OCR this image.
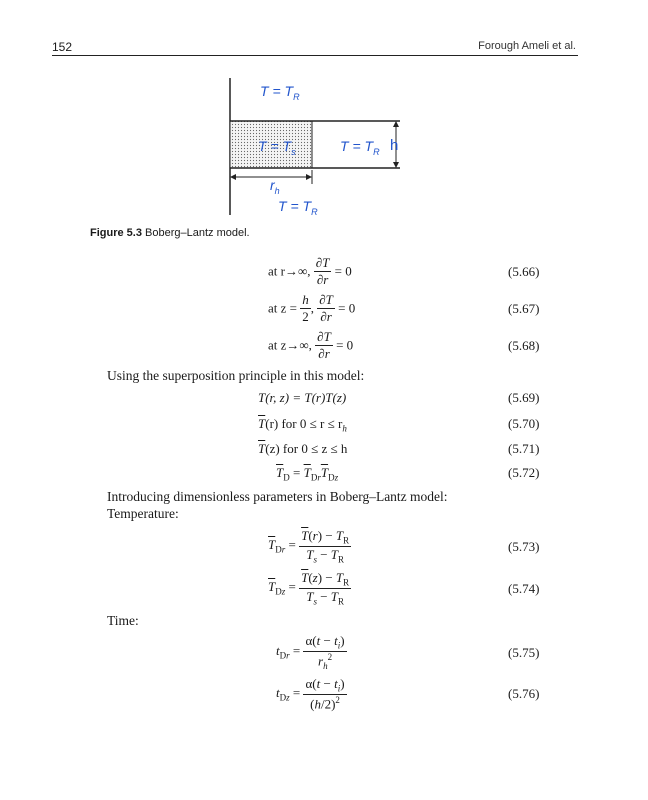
152	Forough Ameli et al.
$T = T_R$
$T = T_s$	$T = T_R$ h
$r_h$
$T = T_R$
Figure 5.3 Boberg–Lantz model.
at r→∞, $\frac{\partial T}{\partial r} = 0$	(5.66)
at $z = \frac{h}{2}$ , $\frac{\partial T}{\partial r} = 0$	(5.67)
at z→∞, $\frac{\partial T}{\partial r} = 0$	(5.68)
Using the superposition principle in this model:
T(r, z) = T(r)T(z)	(5.69)
$\overline{T}(r)$ for $0 \le r \le r_h$	(5.70)
$\overline{T}(z)$ for 0 ≤ z ≤ h	(5.71)
$\overline{T}_D = \overline{T}_{Dr}\overline{T}_{Dz}$	(5.72)
Introducing dimensionless parameters in Boberg–Lantz model:
Temperature:
$\overline{T}_{Dr} = \frac{\overline{T}(r) - T_R}{T_s - T_R}$	(5.73)
$\overline{T}_{Dz} = \frac{\overline{T}(z) - T_R}{T_s - T_R}$	(5.74)
Time:
$t_{Dr} = \frac{\alpha(t - t_i)}{r_h^2}$	(5.75)
$t_{Dz} = \frac{\alpha(t - t_i)}{(h/2)^2}$	(5.76)
